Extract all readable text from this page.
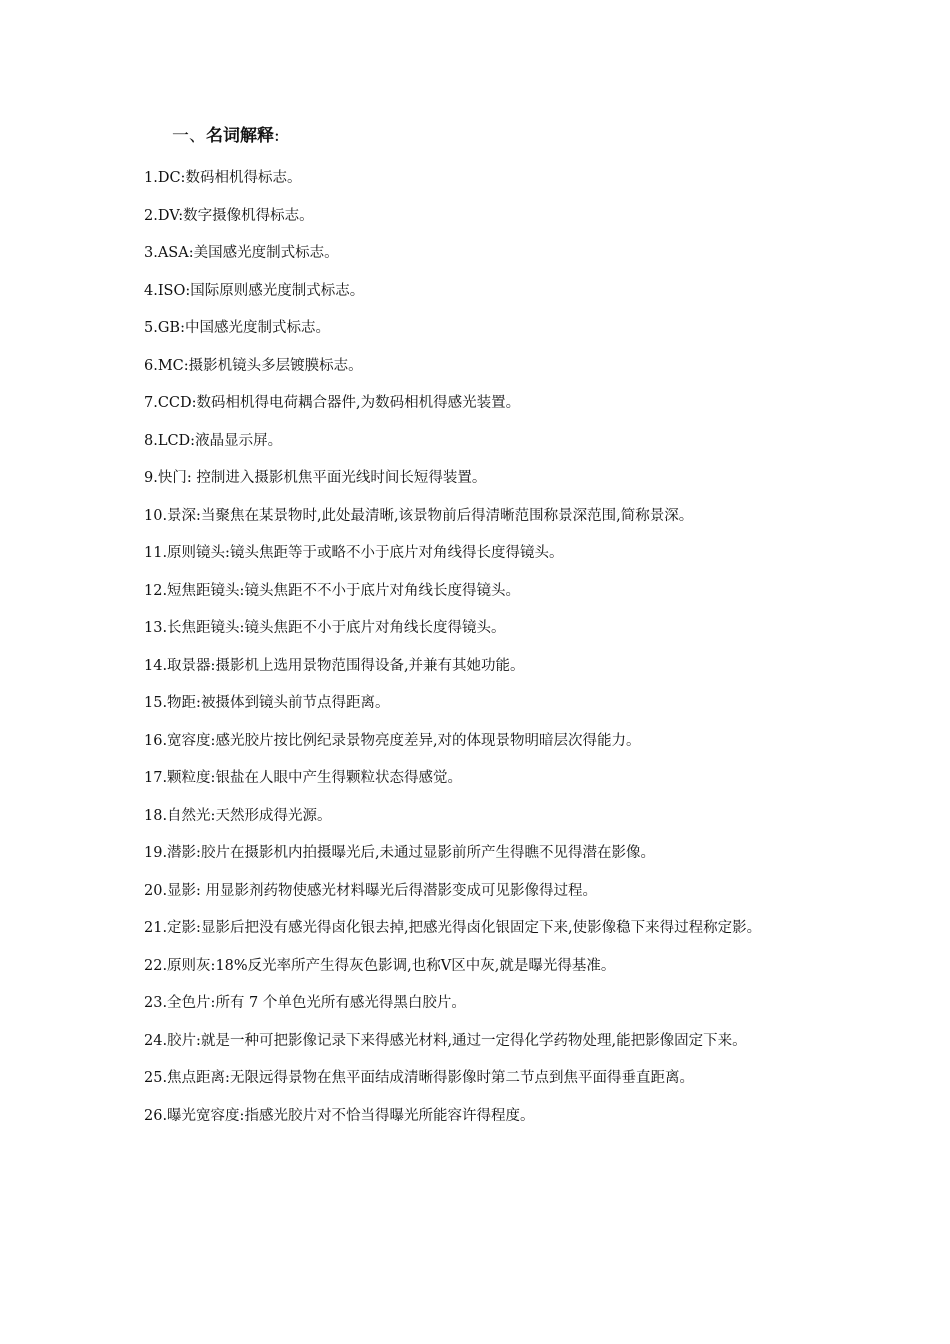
一、名词解释:
1.DC:数码相机得标志。
2.DV:数字摄像机得标志。
3.ASA:美国感光度制式标志。
4.ISO:国际原则感光度制式标志。
5.GB:中国感光度制式标志。
6.MC:摄影机镜头多层镀膜标志。
7.CCD:数码相机得电荷耦合器件,为数码相机得感光装置。
8.LCD:液晶显示屏。
9.快门: 控制进入摄影机焦平面光线时间长短得装置。
10.景深:当聚焦在某景物时,此处最清晰,该景物前后得清晰范围称景深范围,简称景深。
11.原则镜头:镜头焦距等于或略不小于底片对角线得长度得镜头。
12.短焦距镜头:镜头焦距不不小于底片对角线长度得镜头。
13.长焦距镜头:镜头焦距不小于底片对角线长度得镜头。
14.取景器:摄影机上选用景物范围得设备,并兼有其她功能。
15.物距:被摄体到镜头前节点得距离。
16.宽容度:感光胶片按比例纪录景物亮度差异,对的体现景物明暗层次得能力。
17.颗粒度:银盐在人眼中产生得颗粒状态得感觉。
18.自然光:天然形成得光源。
19.潜影:胶片在摄影机内拍摄曝光后,未通过显影前所产生得瞧不见得潜在影像。
20.显影: 用显影剂药物使感光材料曝光后得潜影变成可见影像得过程。
21.定影:显影后把没有感光得卤化银去掉,把感光得卤化银固定下来,使影像稳下来得过程称定影。
22.原则灰:18%反光率所产生得灰色影调,也称Ⅴ区中灰,就是曝光得基准。
23.全色片:所有 7 个单色光所有感光得黑白胶片。
24.胶片:就是一种可把影像记录下来得感光材料,通过一定得化学药物处理,能把影像固定下来。
25.焦点距离:无限远得景物在焦平面结成清晰得影像时第二节点到焦平面得垂直距离。
26.曝光宽容度:指感光胶片对不恰当得曝光所能容许得程度。
